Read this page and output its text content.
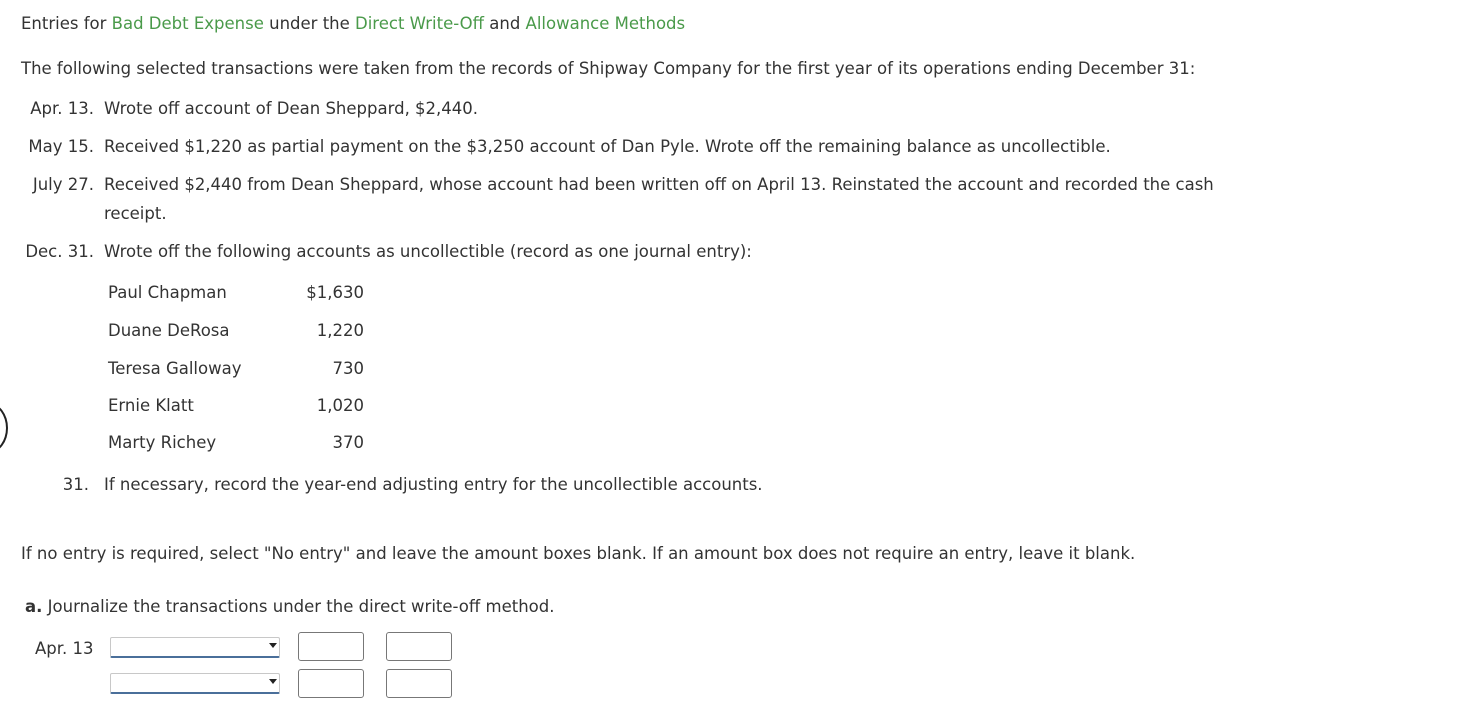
Entries for Bad Debt Expense under the Direct Write-Off and Allowance Methods
The following selected transactions were taken from the records of Shipway Company for the first year of its operations ending December 31:
Apr. 13. Wrote off account of Dean Sheppard, $2,440.
May 15. Received $1,220 as partial payment on the $3,250 account of Dan Pyle. Wrote off the remaining balance as uncollectible.
July 27. Received $2,440 from Dean Sheppard, whose account had been written off on April 13. Reinstated the account and recorded the cash
receipt.
Dec. 31. Wrote off the following accounts as uncollectible (record as one journal entry):
Paul Chapman	$1,630
Duane DeRosa	1,220
Teresa Galloway	730
Ernie Klatt	1,020
Marty Richey	370
31. If necessary, record the year-end adjusting entry for the uncollectible accounts.
If no entry is required, select "No entry" and leave the amount boxes blank. If an amount box does not require an entry, leave it blank.
a. Journalize the transactions under the direct write-off method.
Apr. 13
